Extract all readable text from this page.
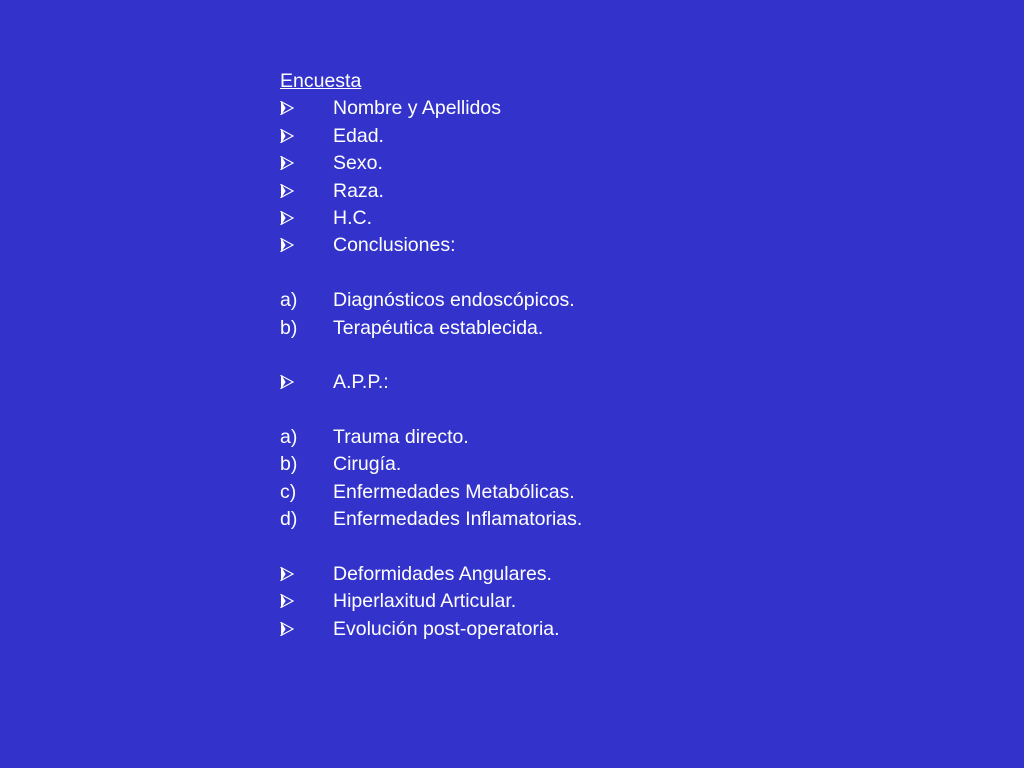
Encuesta
Nombre y Apellidos
Edad.
Sexo.
Raza.
H.C.
Conclusiones:
a)	Diagnósticos endoscópicos.
b)	Terapéutica establecida.
A.P.P.:
a)	Trauma directo.
b)	Cirugía.
c)	Enfermedades Metabólicas.
d)	Enfermedades Inflamatorias.
Deformidades Angulares.
Hiperlaxitud Articular.
Evolución post-operatoria.
